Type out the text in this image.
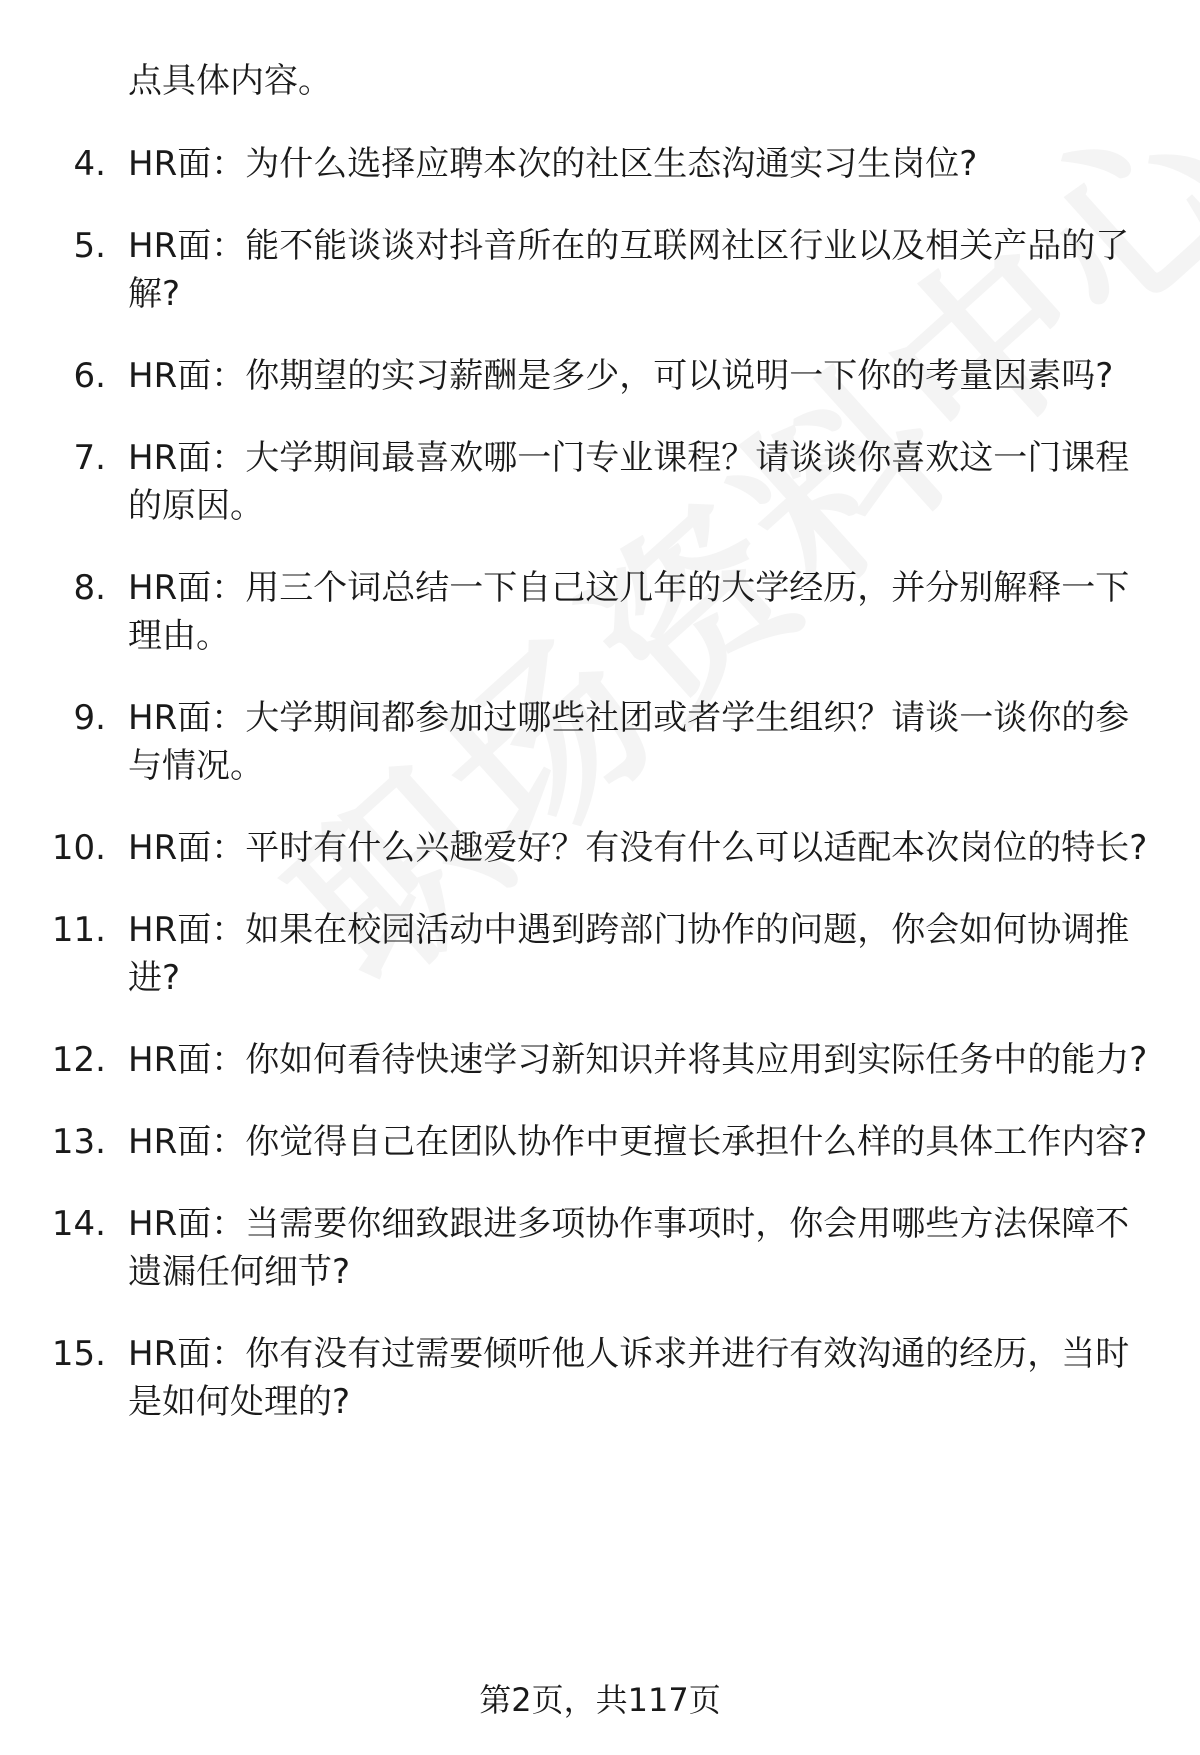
点具体内容。
4. HR面：为什么选择应聘本次的社区生态沟通实习生岗位?
5. HR面：能不能谈谈对抖音所在的互联网社区行业以及相关产品的了解?
6. HR面：你期望的实习薪酬是多少，可以说明一下你的考量因素吗?
7. HR面：大学期间最喜欢哪一门专业课程？请谈谈你喜欢这一门课程的原因。
8. HR面：用三个词总结一下自己这几年的大学经历，并分别解释一下理由。
9. HR面：大学期间都参加过哪些社团或者学生组织？请谈一谈你的参与情况。
10. HR面：平时有什么兴趣爱好？有没有什么可以适配本次岗位的特长?
11. HR面：如果在校园活动中遇到跨部门协作的问题，你会如何协调推进?
12. HR面：你如何看待快速学习新知识并将其应用到实际任务中的能力?
13. HR面：你觉得自己在团队协作中更擅长承担什么样的具体工作内容?
14. HR面：当需要你细致跟进多项协作事项时，你会用哪些方法保障不遗漏任何细节?
15. HR面：你有没有过需要倾听他人诉求并进行有效沟通的经历，当时是如何处理的?
第2页，共117页
